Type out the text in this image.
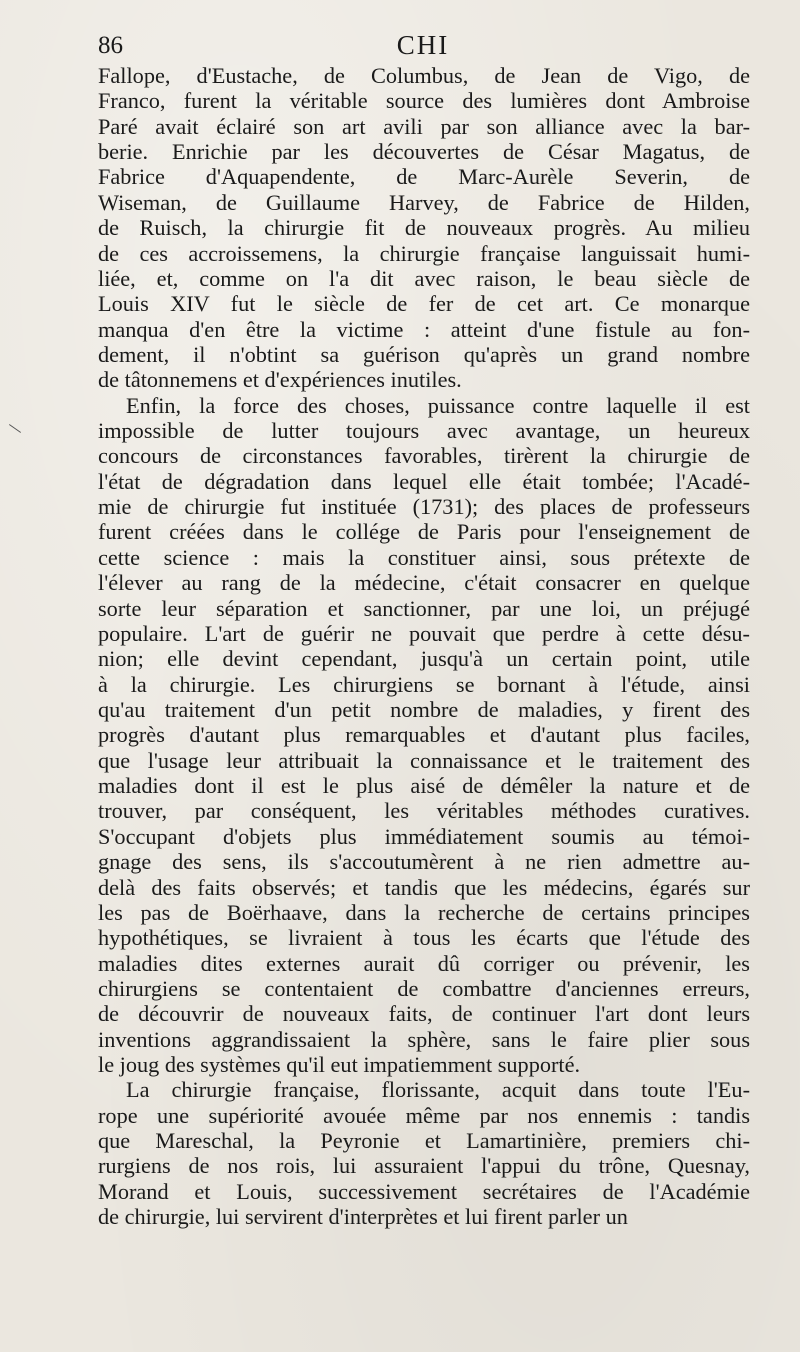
86	CHI
Fallope, d'Eustache, de Columbus, de Jean de Vigo, de
Franco, furent la véritable source des lumières dont Ambroise
Paré avait éclairé son art avili par son alliance avec la bar-
berie. Enrichie par les découvertes de César Magatus, de
Fabrice d'Aquapendente, de Marc-Aurèle Severin, de
Wiseman, de Guillaume Harvey, de Fabrice de Hilden,
de Ruisch, la chirurgie fit de nouveaux progrès. Au milieu
de ces accroissemens, la chirurgie française languissait humi-
liée, et, comme on l'a dit avec raison, le beau siècle de
Louis XIV fut le siècle de fer de cet art. Ce monarque
manqua d'en être la victime : atteint d'une fistule au fon-
dement, il n'obtint sa guérison qu'après un grand nombre
de tâtonnemens et d'expériences inutiles.
Enfin, la force des choses, puissance contre laquelle il est
impossible de lutter toujours avec avantage, un heureux
concours de circonstances favorables, tirèrent la chirurgie de
l'état de dégradation dans lequel elle était tombée; l'Acadé-
mie de chirurgie fut instituée (1731); des places de professeurs
furent créées dans le collége de Paris pour l'enseignement de
cette science : mais la constituer ainsi, sous prétexte de
l'élever au rang de la médecine, c'était consacrer en quelque
sorte leur séparation et sanctionner, par une loi, un préjugé
populaire. L'art de guérir ne pouvait que perdre à cette désu-
nion; elle devint cependant, jusqu'à un certain point, utile
à la chirurgie. Les chirurgiens se bornant à l'étude, ainsi
qu'au traitement d'un petit nombre de maladies, y firent des
progrès d'autant plus remarquables et d'autant plus faciles,
que l'usage leur attribuait la connaissance et le traitement des
maladies dont il est le plus aisé de démêler la nature et de
trouver, par conséquent, les véritables méthodes curatives.
S'occupant d'objets plus immédiatement soumis au témoi-
gnage des sens, ils s'accoutumèrent à ne rien admettre au-
delà des faits observés; et tandis que les médecins, égarés sur
les pas de Boërhaave, dans la recherche de certains principes
hypothétiques, se livraient à tous les écarts que l'étude des
maladies dites externes aurait dû corriger ou prévenir, les
chirurgiens se contentaient de combattre d'anciennes erreurs,
de découvrir de nouveaux faits, de continuer l'art dont leurs
inventions aggrandissaient la sphère, sans le faire plier sous
le joug des systèmes qu'il eut impatiemment supporté.
La chirurgie française, florissante, acquit dans toute l'Eu-
rope une supériorité avouée même par nos ennemis : tandis
que Mareschal, la Peyronie et Lamartinière, premiers chi-
rurgiens de nos rois, lui assuraient l'appui du trône, Quesnay,
Morand et Louis, successivement secrétaires de l'Académie
de chirurgie, lui servirent d'interprètes et lui firent parler un
